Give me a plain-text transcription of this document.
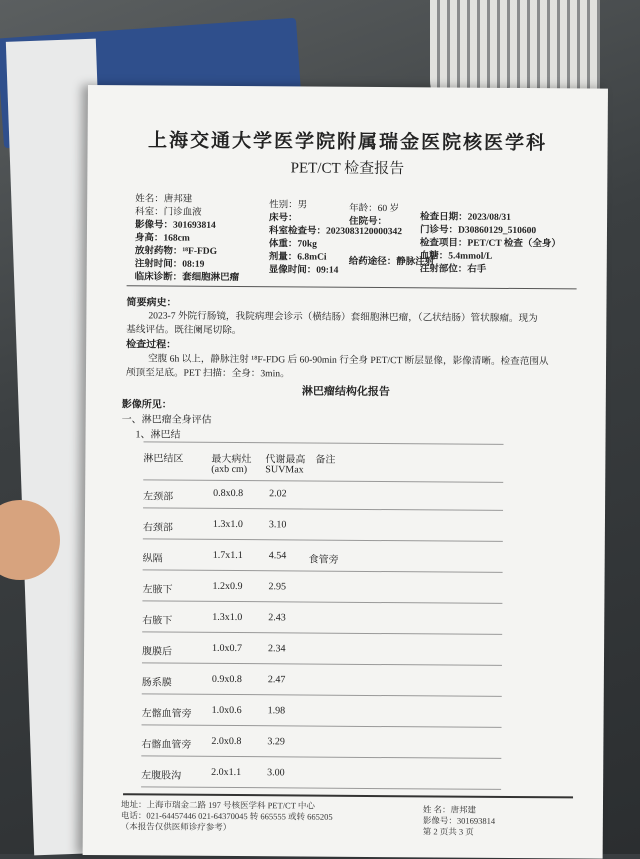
上海交通大学医学院附属瑞金医院核医学科
PET/CT 检查报告
姓名：唐邦建
科室：门诊血液
影像号：301693814
身高：168cm
放射药物：¹⁸F-FDG
注射时间：08:19
临床诊断：套细胞淋巴瘤
性别：男
床号：
科室检查号：2023083120000342
体重：70kg
剂量：6.8mCi
显像时间：09:14
年龄：60 岁
住院号：
给药途径：静脉注射
检查日期：2023/08/31
门诊号：D30860129_510600
检查项目：PET/CT 检查（全身）
血糖：5.4mmol/L
注射部位：右手
简要病史：
2023-7 外院行肠镜，我院病理会诊示（横结肠）套细胞淋巴瘤，（乙状结肠）管状腺瘤。现为
基线评估。既往阑尾切除。
检查过程：
空腹 6h 以上，静脉注射 ¹⁸F-FDG 后 60-90min 行全身 PET/CT 断层显像，影像清晰。检查范围从
颅顶至足底。PET 扫描：全身：3min。
淋巴瘤结构化报告
影像所见：
一、淋巴瘤全身评估
1、淋巴结
淋巴结区	最大病灶 代谢最高 备注
(axb cm) SUVMax
左颈部	0.8x0.8	2.02
右颈部	1.3x1.0	3.10
纵隔	1.7x1.1	4.54 食管旁
左腋下	1.2x0.9	2.95
右腋下	1.3x1.0	2.43
腹膜后	1.0x0.7	2.34
肠系膜	0.9x0.8	2.47
左髂血管旁 1.0x0.6	1.98
右髂血管旁 2.0x0.8	3.29
左腹股沟	2.0x1.1	3.00
地址：上海市瑞金二路 197 号核医学科 PET/CT 中心
电话：021-64457446 021-64370045 转 665555 或转 665205
（本报告仅供医师诊疗参考）
姓 名：唐邦建
影像号：301693814
第 2 页共 3 页
